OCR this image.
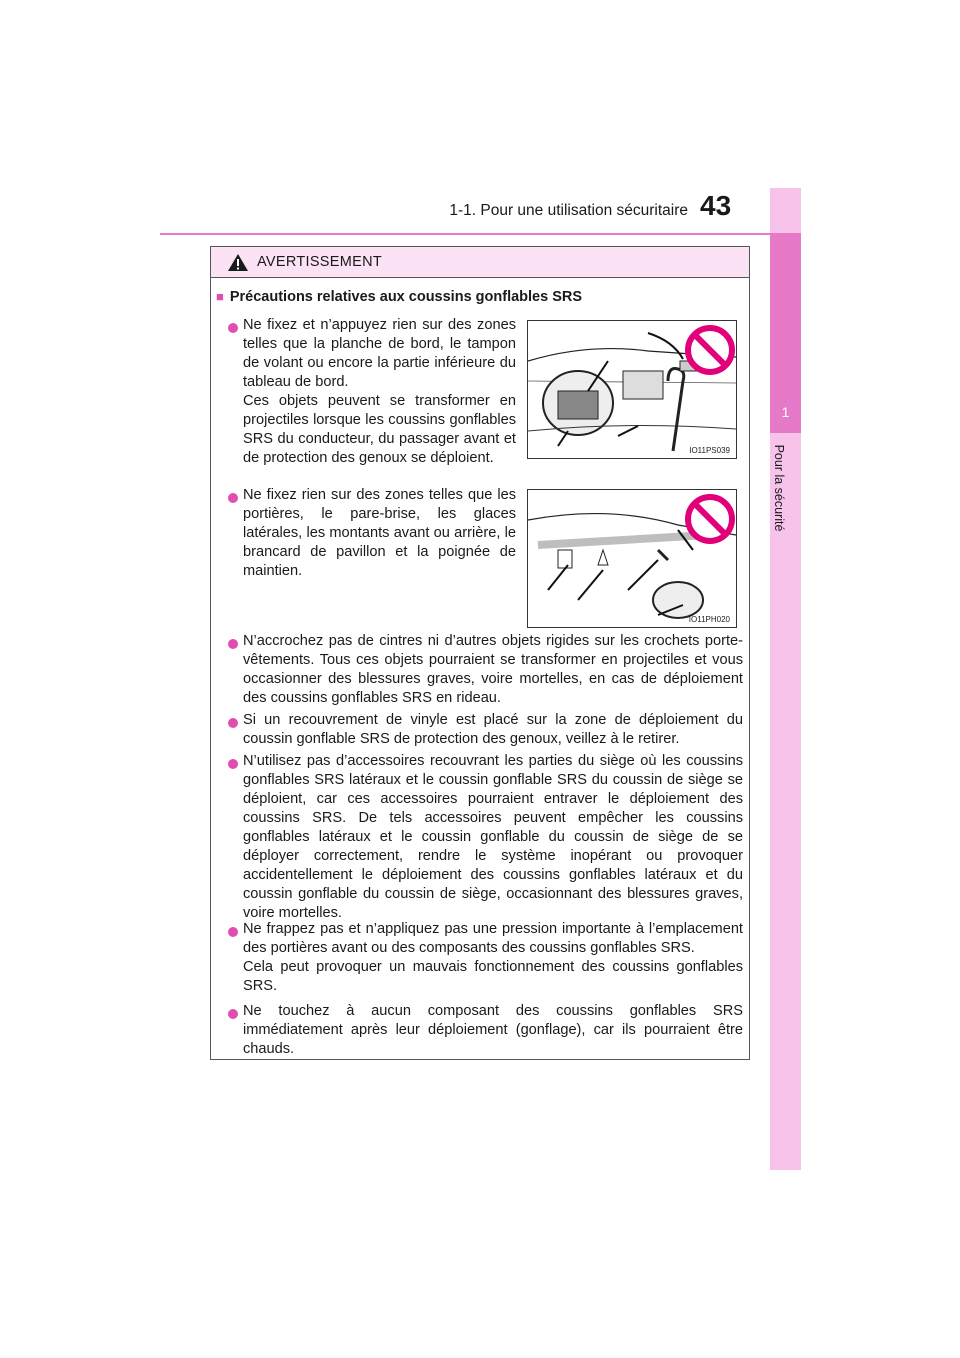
1
Pour la sécurité
1-1. Pour une utilisation sécuritaire 43
AVERTISSEMENT
■ Précautions relatives aux coussins gonflables SRS
Ne fixez et n’appuyez rien sur des zones telles que la planche de bord, le tampon de volant ou encore la partie inférieure du tableau de bord.
Ces objets peuvent se transformer en projectiles lorsque les coussins gonflables SRS du conducteur, du passager avant et de protection des genoux se déploient.	IO11PS039
Ne fixez rien sur des zones telles que les portières, le pare-brise, les glaces latérales, les montants avant ou arrière, le brancard de pavillon et la poignée de maintien.
IO11PH020
N’accrochez pas de cintres ni d’autres objets rigides sur les crochets porte-vêtements. Tous ces objets pourraient se transformer en projectiles et vous occasionner des blessures graves, voire mortelles, en cas de déploiement des coussins gonflables SRS en rideau.
Si un recouvrement de vinyle est placé sur la zone de déploiement du coussin gonflable SRS de protection des genoux, veillez à le retirer.
N’utilisez pas d’accessoires recouvrant les parties du siège où les coussins gonflables SRS latéraux et le coussin gonflable SRS du coussin de siège se déploient, car ces accessoires pourraient entraver le déploiement des coussins SRS. De tels accessoires peuvent empêcher les coussins gonflables latéraux et le coussin gonflable du coussin de siège de se déployer correctement, rendre le système inopérant ou provoquer accidentellement le déploiement des coussins gonflables latéraux et du coussin gonflable du coussin de siège, occasionnant des blessures graves, voire mortelles.
Ne frappez pas et n’appliquez pas une pression importante à l’emplacement des portières avant ou des composants des coussins gonflables SRS.
Cela peut provoquer un mauvais fonctionnement des coussins gonflables SRS.
Ne touchez à aucun composant des coussins gonflables SRS immédiatement après leur déploiement (gonflage), car ils pourraient être chauds.
